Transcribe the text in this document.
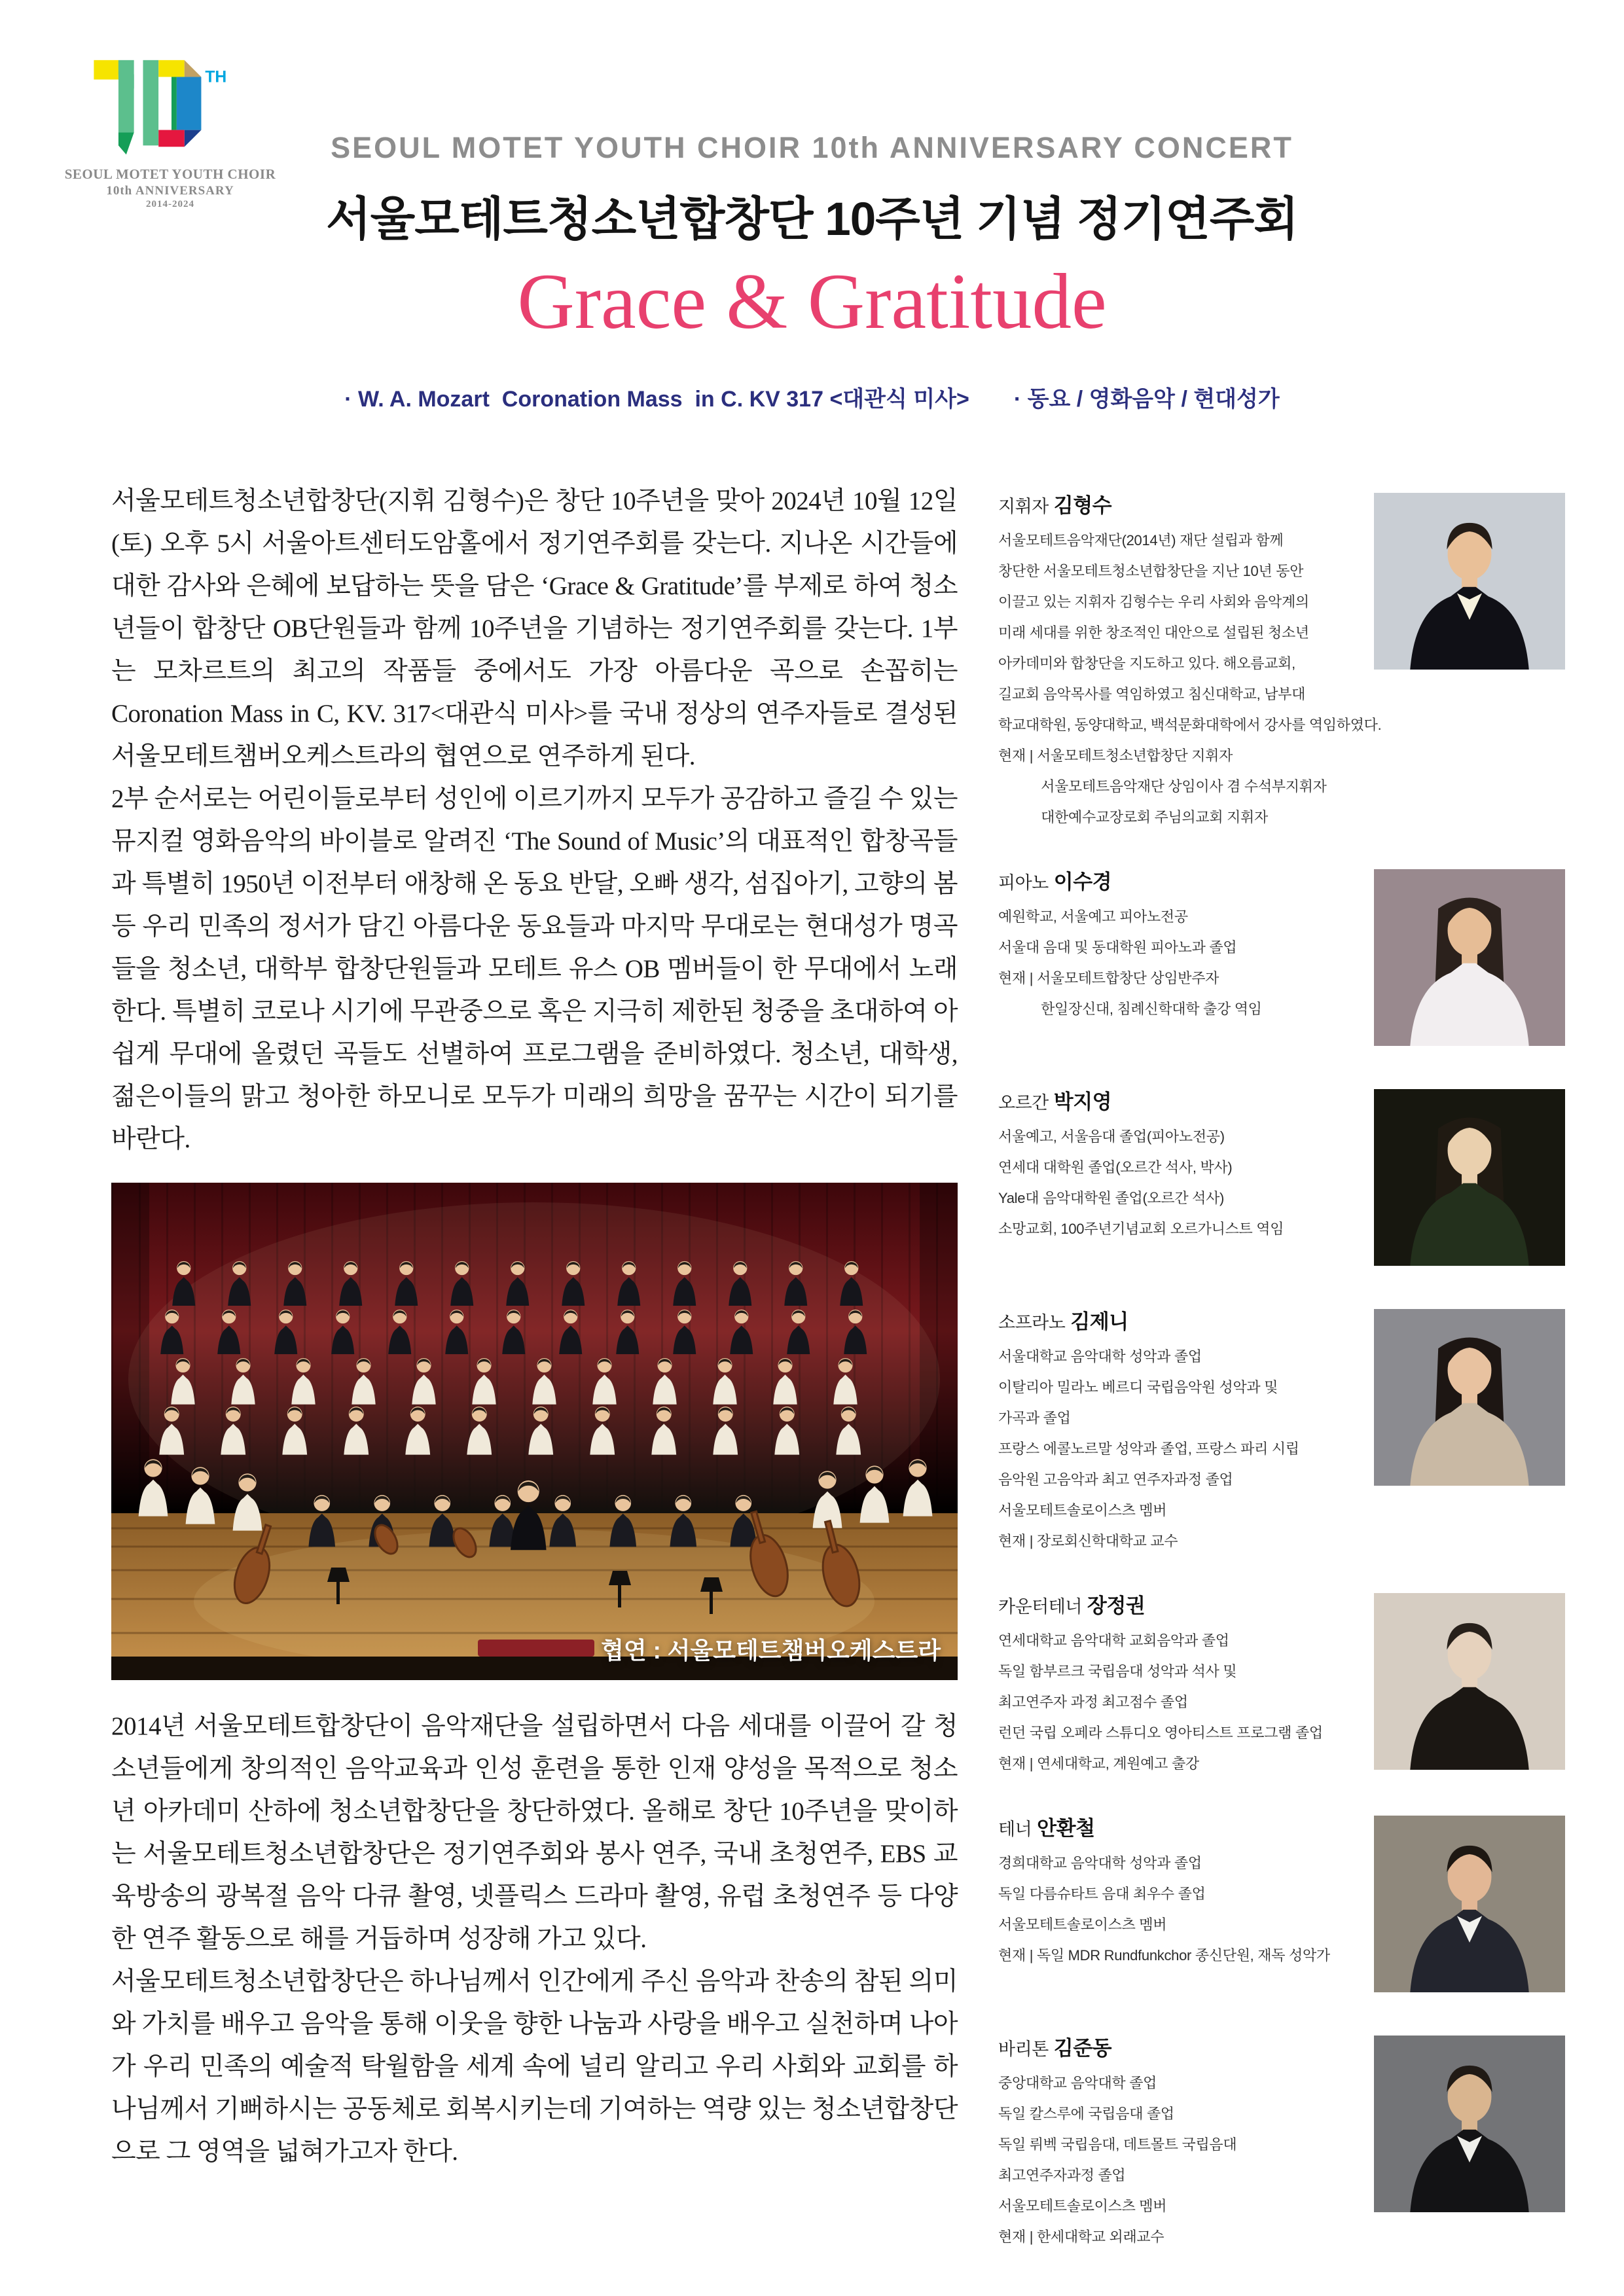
TH
SEOUL MOTET YOUTH CHOIR
10th ANNIVERSARY
2014-2024
SEOUL MOTET YOUTH CHOIR 10th ANNIVERSARY CONCERT
서울모테트청소년합창단 10주년 기념 정기연주회
Grace & Gratitude
· W. A. Mozart  Coronation Mass  in C. KV 317 <대관식 미사> · 동요 / 영화음악 / 현대성가
서울모테트청소년합창단(지휘 김형수)은 창단 10주년을 맞아 2024년 10월 12일 (토) 오후 5시 서울아트센터도암홀에서 정기연주회를 갖는다. 지나온 시간들에 대한 감사와 은혜에 보답하는 뜻을 담은 ‘Grace & Gratitude’를 부제로 하여 청소년들이 합창단 OB단원들과 함께 10주년을 기념하는 정기연주회를 갖는다. 1부는 모차르트의 최고의 작품들 중에서도 가장 아름다운 곡으로 손꼽히는 Coronation Mass in C, KV. 317<대관식 미사>를 국내 정상의 연주자들로 결성된 서울모테트챔버오케스트라의 협연으로 연주하게 된다.
2부 순서로는 어린이들로부터 성인에 이르기까지 모두가 공감하고 즐길 수 있는 뮤지컬 영화음악의 바이블로 알려진 ‘The Sound of Music’의 대표적인 합창곡들과 특별히 1950년 이전부터 애창해 온 동요 반달, 오빠 생각, 섬집아기, 고향의 봄 등 우리 민족의 정서가 담긴 아름다운 동요들과 마지막 무대로는 현대성가 명곡들을 청소년, 대학부 합창단원들과 모테트 유스 OB 멤버들이 한 무대에서 노래한다. 특별히 코로나 시기에 무관중으로 혹은 지극히 제한된 청중을 초대하여 아쉽게 무대에 올렸던 곡들도 선별하여 프로그램을 준비하였다. 청소년, 대학생, 젊은이들의 맑고 청아한 하모니로 모두가 미래의 희망을 꿈꾸는 시간이 되기를 바란다.
협연 : 서울모테트챔버오케스트라
2014년 서울모테트합창단이 음악재단을 설립하면서 다음 세대를 이끌어 갈 청소년들에게 창의적인 음악교육과 인성 훈련을 통한 인재 양성을 목적으로 청소년 아카데미 산하에 청소년합창단을 창단하였다. 올해로 창단 10주년을 맞이하는 서울모테트청소년합창단은 정기연주회와 봉사 연주, 국내 초청연주, EBS 교육방송의 광복절 음악 다큐 촬영, 넷플릭스 드라마 촬영, 유럽 초청연주 등 다양한 연주 활동으로 해를 거듭하며 성장해 가고 있다.
서울모테트청소년합창단은 하나님께서 인간에게 주신 음악과 찬송의 참된 의미와 가치를 배우고 음악을 통해 이웃을 향한 나눔과 사랑을 배우고 실천하며 나아가 우리 민족의 예술적 탁월함을 세계 속에 널리 알리고 우리 사회와 교회를 하나님께서 기뻐하시는 공동체로 회복시키는데 기여하는 역량 있는 청소년합창단으로 그 영역을 넓혀가고자 한다.
지휘자 김형수
서울모테트음악재단(2014년) 재단 설립과 함께
창단한 서울모테트청소년합창단을 지난 10년 동안
이끌고 있는 지휘자 김형수는 우리 사회와 음악계의
미래 세대를 위한 창조적인 대안으로 설립된 청소년
아카데미와 합창단을 지도하고 있다. 해오름교회,
길교회 음악목사를 역임하였고 침신대학교, 남부대
학교대학원, 동양대학교, 백석문화대학에서 강사를 역임하였다.
현재 | 서울모테트청소년합창단 지휘자
   서울모테트음악재단 상임이사 겸 수석부지휘자
   대한예수교장로회 주님의교회 지휘자
피아노 이수경
예원학교, 서울예고 피아노전공
서울대 음대 및 동대학원 피아노과 졸업
현재 | 서울모테트합창단 상임반주자
   한일장신대, 침례신학대학 출강 역임
오르간 박지영
서울예고, 서울음대 졸업(피아노전공)
연세대 대학원 졸업(오르간 석사, 박사)
Yale대 음악대학원 졸업(오르간 석사)
소망교회, 100주년기념교회 오르가니스트 역임
소프라노 김제니
서울대학교 음악대학 성악과 졸업
이탈리아 밀라노 베르디 국립음악원 성악과 및
가곡과 졸업
프랑스 에콜노르말 성악과 졸업, 프랑스 파리 시립
음악원 고음악과 최고 연주자과정 졸업
서울모테트솔로이스츠 멤버
현재 | 장로회신학대학교 교수
카운터테너 장정권
연세대학교 음악대학 교회음악과 졸업
독일 함부르크 국립음대 성악과 석사 및
최고연주자 과정 최고점수 졸업
런던 국립 오페라 스튜디오 영아티스트 프로그램 졸업
현재 | 연세대학교, 계원예고 출강
테너 안환철
경희대학교 음악대학 성악과 졸업
독일 다름슈타트 음대 최우수 졸업
서울모테트솔로이스츠 멤버
현재 | 독일 MDR Rundfunkchor 종신단원, 재독 성악가
바리톤 김준동
중앙대학교 음악대학 졸업
독일 칼스루에 국립음대 졸업
독일 뤼벡 국립음대, 데트몰트 국립음대
최고연주자과정 졸업
서울모테트솔로이스츠 멤버
현재 | 한세대학교 외래교수
